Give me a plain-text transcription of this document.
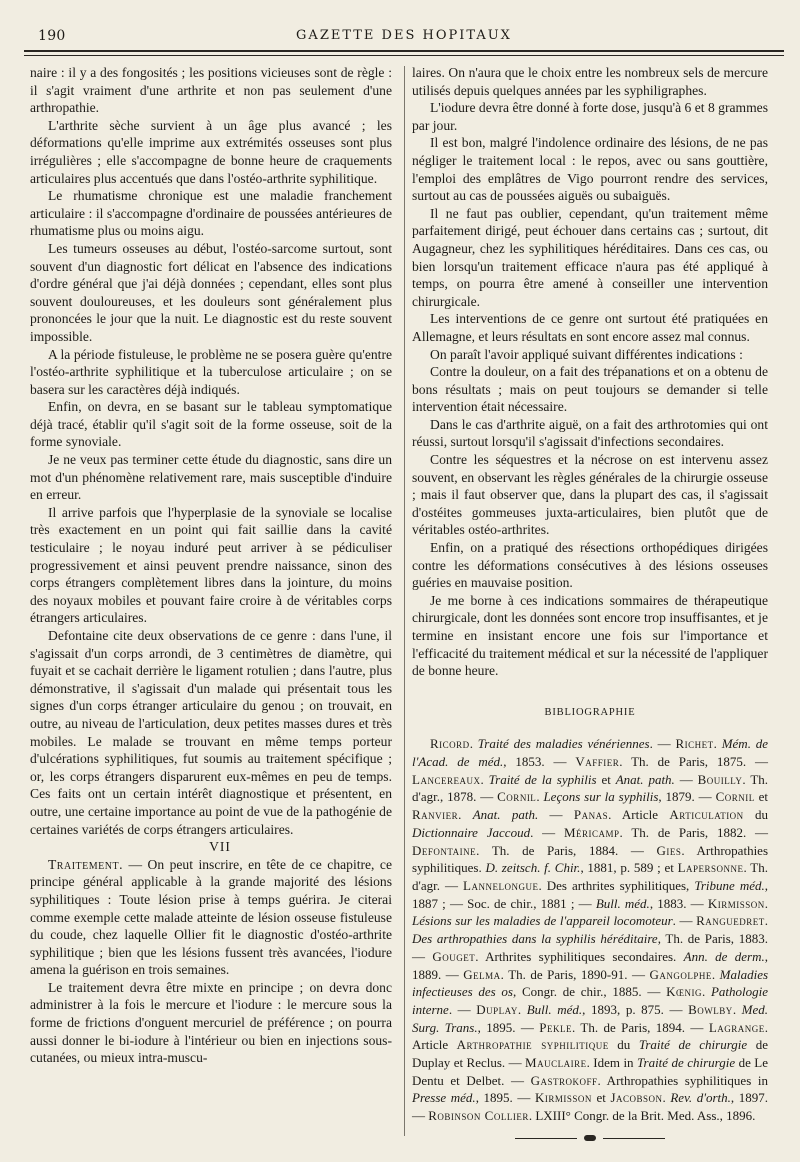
190	GAZETTE DES HOPITAUX

naire : il y a des fongosités ; les positions vicieuses sont de règle : il s'agit vraiment d'une arthrite et non pas seulement d'une arthropathie.

L'arthrite sèche survient à un âge plus avancé ; les déformations qu'elle imprime aux extrémités osseuses sont plus irrégulières ; elle s'accompagne de bonne heure de craquements articulaires plus accentués que dans l'ostéo-arthrite syphilitique.

Le rhumatisme chronique est une maladie franchement articulaire : il s'accompagne d'ordinaire de poussées antérieures de rhumatisme plus ou moins aigu.

Les tumeurs osseuses au début, l'ostéo-sarcome surtout, sont souvent d'un diagnostic fort délicat en l'absence des indications d'ordre général que j'ai déjà données ; cependant, elles sont plus souvent douloureuses, et les douleurs sont généralement plus prononcées le jour que la nuit. Le diagnostic est du reste souvent impossible.

A la période fistuleuse, le problème ne se posera guère qu'entre l'ostéo-arthrite syphilitique et la tuberculose articulaire ; on se basera sur les caractères déjà indiqués.

Enfin, on devra, en se basant sur le tableau symptomatique déjà tracé, établir qu'il s'agit soit de la forme osseuse, soit de la forme synoviale.

Je ne veux pas terminer cette étude du diagnostic, sans dire un mot d'un phénomène relativement rare, mais susceptible d'induire en erreur.

Il arrive parfois que l'hyperplasie de la synoviale se localise très exactement en un point qui fait saillie dans la cavité testiculaire ; le noyau induré peut arriver à se pédiculiser progressivement et ainsi peuvent prendre naissance, sinon des corps étrangers complètement libres dans la jointure, du moins des noyaux mobiles et pouvant faire croire à de véritables corps étrangers articulaires.

Defontaine cite deux observations de ce genre : dans l'une, il s'agissait d'un corps arrondi, de 3 centimètres de diamètre, qui fuyait et se cachait derrière le ligament rotulien ; dans l'autre, plus démonstrative, il s'agissait d'un malade qui présentait tous les signes d'un corps étranger articulaire du genou ; on trouvait, en outre, au niveau de l'articulation, deux petites masses dures et très mobiles. Le malade se trouvant en même temps porteur d'ulcérations syphilitiques, fut soumis au traitement spécifique ; or, les corps étrangers disparurent eux-mêmes en peu de temps. Ces faits ont un certain intérêt diagnostique et présentent, en outre, une certaine importance au point de vue de la pathogénie de certaines variétés de corps étrangers articulaires.

VII

Traitement. — On peut inscrire, en tête de ce chapitre, ce principe général applicable à la grande majorité des lésions syphilitiques : Toute lésion prise à temps guérira. Je citerai comme exemple cette malade atteinte de lésion osseuse fistuleuse du coude, chez laquelle Ollier fit le diagnostic d'ostéo-arthrite syphilitique ; bien que les lésions fussent très avancées, l'iodure amena la guérison en trois semaines.

Le traitement devra être mixte en principe ; on devra donc administrer à la fois le mercure et l'iodure : le mercure sous la forme de frictions d'onguent mercuriel de préférence ; on pourra aussi donner le bi-iodure à l'intérieur ou bien en injections sous-cutanées, ou mieux intra-muscu-

laires. On n'aura que le choix entre les nombreux sels de mercure utilisés depuis quelques années par les syphiligraphes.

L'iodure devra être donné à forte dose, jusqu'à 6 et 8 grammes par jour.

Il est bon, malgré l'indolence ordinaire des lésions, de ne pas négliger le traitement local : le repos, avec ou sans gouttière, l'emploi des emplâtres de Vigo pourront rendre des services, surtout au cas de poussées aiguës ou subaiguës.

Il ne faut pas oublier, cependant, qu'un traitement même parfaitement dirigé, peut échouer dans certains cas ; surtout, dit Augagneur, chez les syphilitiques héréditaires. Dans ces cas, ou bien lorsqu'un traitement efficace n'aura pas été appliqué à temps, on pourra être amené à conseiller une intervention chirurgicale.

Les interventions de ce genre ont surtout été pratiquées en Allemagne, et leurs résultats en sont encore assez mal connus.

On paraît l'avoir appliqué suivant différentes indications :

Contre la douleur, on a fait des trépanations et on a obtenu de bons résultats ; mais on peut toujours se demander si telle intervention était nécessaire.

Dans le cas d'arthrite aiguë, on a fait des arthrotomies qui ont réussi, surtout lorsqu'il s'agissait d'infections secondaires.

Contre les séquestres et la nécrose on est intervenu assez souvent, en observant les règles générales de la chirurgie osseuse ; mais il faut observer que, dans la plupart des cas, il s'agissait d'ostéites gommeuses juxta-articulaires, bien plutôt que de véritables ostéo-arthrites.

Enfin, on a pratiqué des résections orthopédiques dirigées contre les déformations consécutives à des lésions osseuses guéries en mauvaise position.

Je me borne à ces indications sommaires de thérapeutique chirurgicale, dont les données sont encore trop insuffisantes, et je termine en insistant encore une fois sur l'importance et l'efficacité du traitement médical et sur la nécessité de l'appliquer de bonne heure.

BIBLIOGRAPHIE

Ricord. Traité des maladies vénériennes. — Richet. Mém. de l'Acad. de méd., 1853. — Vaffier. Th. de Paris, 1875. — Lancereaux. Traité de la syphilis et Anat. path. — Bouilly. Th. d'agr., 1878. — Cornil. Leçons sur la syphilis, 1879. — Cornil et Ranvier. Anat. path. — Panas. Article Articulation du Dictionnaire Jaccoud. — Méricamp. Th. de Paris, 1882. — Defontaine. Th. de Paris, 1884. — Gies. Arthropathies syphilitiques. D. zeitsch. f. Chir., 1881, p. 589 ; et Lapersonne. Th. d'agr. — Lannelongue. Des arthrites syphilitiques, Tribune méd., 1887 ; — Soc. de chir., 1881 ; — Bull. méd., 1883. — Kirmisson. Lésions sur les maladies de l'appareil locomoteur. — Ranguedret. Des arthropathies dans la syphilis héréditaire, Th. de Paris, 1883. — Gouget. Arthrites syphilitiques secondaires. Ann. de derm., 1889. — Gelma. Th. de Paris, 1890-91. — Gangolphe. Maladies infectieuses des os, Congr. de chir., 1885. — Kœnig. Pathologie interne. — Duplay. Bull. méd., 1893, p. 875. — Bowlby. Med. Surg. Trans., 1895. — Pekle. Th. de Paris, 1894. — Lagrange. Article Arthropathie syphilitique du Traité de chirurgie de Duplay et Reclus. — Mauclaire. Idem in Traité de chirurgie de Le Dentu et Delbet. — Gastrokoff. Arthropathies syphilitiques in Presse méd., 1895. — Kirmisson et Jacobson. Rev. d'orth., 1897. — Robinson Collier. LXIII° Congr. de la Brit. Med. Ass., 1896.
